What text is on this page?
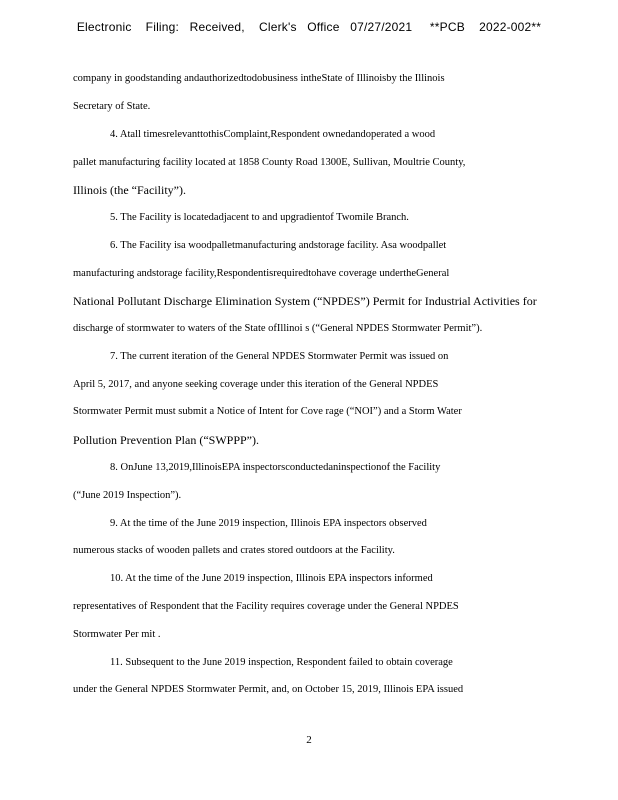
Electronic    Filing:   Received,    Clerk's   Office   07/27/2021     **PCB    2022-002**
company in goodstanding andauthorizedtodobusiness intheState of Illinoisby the Illinois
Secretary of State.
4. Atall timesrelevanttothisComplaint,Respondent ownedandoperated a wood
pallet manufacturing facility located at 1858 County Road 1300E, Sullivan, Moultrie County,
Illinois (the “Facility”).
5. The Facility is locatedadjacent to and upgradientof Twomile Branch.
6. The Facility isa woodpalletmanufacturing andstorage facility. Asa woodpallet
manufacturing andstorage facility,Respondentisrequiredtohave coverage undertheGeneral
National Pollutant Discharge Elimination System (“NPDES”) Permit for Industrial Activities for
discharge of stormwater to waters of the State ofIllinoi s (“General NPDES Stormwater Permit”).
7. The current iteration of the General NPDES Stormwater Permit was issued on
April 5, 2017, and anyone seeking coverage under this iteration of the General NPDES
Stormwater Permit must submit a Notice of Intent for Cove rage (“NOI”) and a Storm Water
Pollution Prevention Plan (“SWPPP”).
8. OnJune 13,2019,IllinoisEPA inspectorsconductedaninspectionof the Facility
(“June 2019 Inspection”).
9. At the time of the June 2019 inspection, Illinois EPA inspectors observed
numerous stacks of wooden pallets and crates stored outdoors at the Facility.
10. At the time of the June 2019 inspection, Illinois EPA inspectors informed
representatives of Respondent that the Facility requires coverage under the General NPDES
Stormwater Per mit .
11. Subsequent to the June 2019 inspection, Respondent failed to obtain coverage
under the General NPDES Stormwater Permit, and, on October 15, 2019, Illinois EPA issued
2
